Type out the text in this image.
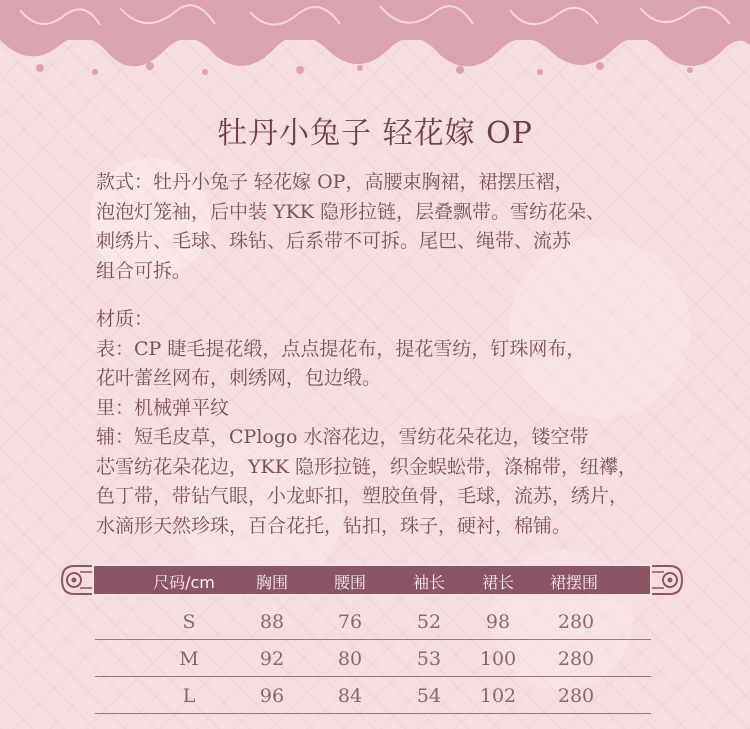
牡丹小兔子 轻花嫁 OP

款式：牡丹小兔子 轻花嫁 OP，高腰束胸裙，裙摆压褶，

泡泡灯笼袖，后中装 YKK 隐形拉链，层叠飘带。雪纺花朵、

刺绣片、毛球、珠钻、后系带不可拆。尾巴、绳带、流苏

组合可拆。

材质：

表：CP 睫毛提花缎，点点提花布，提花雪纺，钉珠网布，

花叶蕾丝网布，刺绣网，包边缎。

里：机械弹平纹

辅：短毛皮草，CPlogo 水溶花边，雪纺花朵花边，镂空带

芯雪纺花朵花边，YKK 隐形拉链，织金蜈蚣带，涤棉带，纽襻，

色丁带，带钻气眼，小龙虾扣，塑胶鱼骨，毛球，流苏，绣片，

水滴形天然珍珠，百合花托，钻扣，珠子，硬衬，棉铺。

尺码/cm	胸围	腰围	袖长 裙长 裙摆围
S	88	76	52 98	280
M	92	80	53 100 280
L	96	84	54 102 280
